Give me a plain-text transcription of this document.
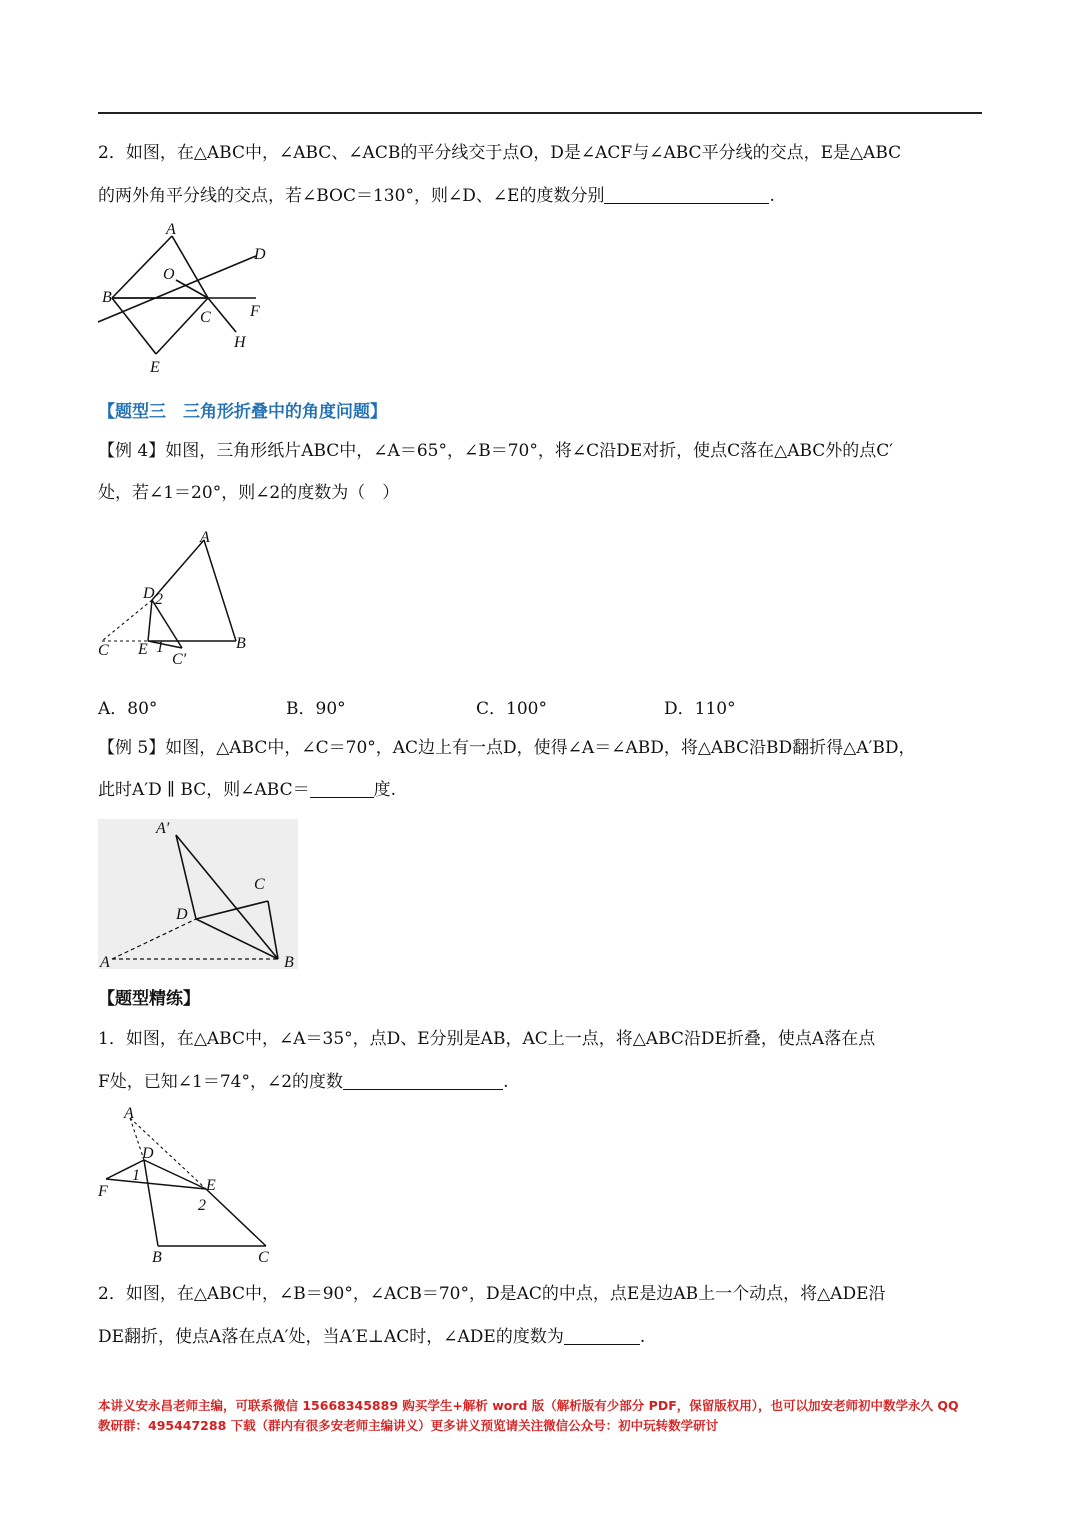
2．如图，在△ABC中，∠ABC、∠ACB的平分线交于点O，D是∠ACF与∠ABC平分线的交点，E是△ABC
的两外角平分线的交点，若∠BOC＝130°，则∠D、∠E的度数分别	.
A
D
O
B
C F
H
E
【题型三　三角形折叠中的角度问题】
【例 4】如图，三角形纸片ABC中，∠A＝65°，∠B＝70°，将∠C沿DE对折，使点C落在△ABC外的点C′
处，若∠1＝20°，则∠2的度数为（　）
A
D 2
C E 1
C′
B
A．80°	B．90°	C．100°	D．110°
【例 5】如图，△ABC中，∠C＝70°，AC边上有一点D，使得∠A＝∠ABD，将△ABC沿BD翻折得△A′BD，
此时A′D ∥ BC，则∠ABC＝	度.
A′
C
D
A	B
【题型精练】
1．如图，在△ABC中，∠A＝35°，点D、E分别是AB，AC上一点，将△ABC沿DE折叠，使点A落在点
F处，已知∠1＝74°，∠2的度数	.
A
D
1
F	E
2
B	C
2．如图，在△ABC中，∠B＝90°，∠ACB＝70°，D是AC的中点，点E是边AB上一个动点，将△ADE沿
DE翻折，使点A落在点A′处，当A′E⊥AC时，∠ADE的度数为	.
本讲义安永昌老师主编，可联系微信 15668345889 购买学生+解析 word 版（解析版有少部分 PDF，保留版权用），也可以加安老师初中数学永久 QQ
教研群：495447288 下载（群内有很多安老师主编讲义）更多讲义预览请关注微信公众号：初中玩转数学研讨
